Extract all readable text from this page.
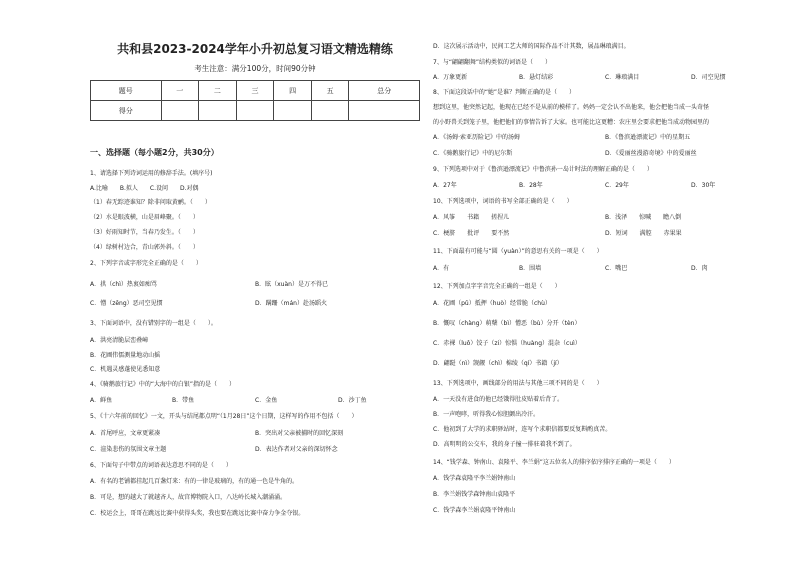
共和县2023-2024学年小升初总复习语文精选精练
考生注意：满分100分，时间90分钟
题号	一	二	三	四	五	总分
得分						
一、选择题（每小题2分，共30分）
1、请选择下列诗词运用的修辞手法。(填序号)
A.比喻　　B.拟人　　C.设问　　D.对偶
（1）春无踪迹谁知？除非问取黄鹂。（　　）
（2）水是眼波横，山是眉峰聚。（　　）
（3）好雨知时节，当春乃发生。（　　）
（4）绿树村边合，青山郭外斜。（　　）
2、下列字音或字形完全正确的是（　　）
A．拱（chì）热衷如痴骂	B．眩（xuàn）是万不得已
C．憎（zēng）恶司空见惯	D．蹒跚（mán）赴汤蹈火
3、下面词语中，没有错别字的一组是（　　）。
A．洪亮清脆层峦叠嶂
B．花圃伟儒测量地动山摇
C．机遇灵感蓬使见悉知意
4、《骑鹅旅行记》中的“大海中的白银”指的是（　　）
A．鲜鱼	B．带鱼	C．金鱼	D．沙丁鱼
5、《十六年前的回忆》一文，开头与结尾都点明“（1月28日”这个日期，这样写的作用不包括（　　）
A．首尾呼应，文章更紧凑	B．突出对父亲被捕时的回忆深刻
C．渲染悲伤的氛围文章主题	D．表达作者对父亲的深切怀念
6、下面句子中带点的词语表达意思不同的是（　　）
A．有名的老铺都挂起几百盏灯来：有的一律是玻璃的，有的通一色是牛角的。
B．可是，想的越大了就越吝人，故宫博物院入口，八达岭长城入潮涌涌。
C．校运会上，哥哥在跳远比赛中获得头奖，我也要在跳远比赛中奋力争金夺银。
D．这次展示活动中，民间工艺大师的国际作品不计其数，展品琳琅满目。
7、与“翩翩翻舞”结构类似的词语是（　　）
A．万象更新	B．悬灯结彩	C．琳琅满目	D．司空见惯
8、下面这段话中的“她”是谁？判断正确的是（　　）
想到这里，他突然记起，他现在已经不是从前的模样了。妈妈一定会认不出他来，他会把他当成一头奇怪
的小野兽关到笼子里，他把他们的事情告诉了大家。也可能比这更糟：农庄里会要求把他当成动物园里的
A．《汤姆·索亚历险记》中的汤姆	B．《鲁滨逊漂流记》中的星期五
C．《骑鹅旅行记》中的尼尔斯	D．《爱丽丝漫游奇境》中的爱丽丝
9、下列选项中对于《鲁滨逊漂流记》中鲁滨孙一岛计时法的理解正确的是（　　）
A．27年	B．28年	C．29年	D．30年
10、下列选项中，词语的书写全部正确的是（　　）
A．风筝　　书籍　　搓捏儿	B．浅泽　　惊喊　　瞻八倒
C．梗脐　　批评　　要不然	D．短词　　满腔　　赤果果
11、下面最有可能与“圆（yuàn）”的意思有关的一项是（　　）
A．有	B．围墙	C．嘴巴	D．肉
12、下列加点字字音完全正确的一组是（　　）
A．花圃（pǔ）抵押（huò）经常脆（chù）
B．慨叹（chàng）萌蘖（bì）憎恶（bù）分开（tèn）
C．赤裸（luǒ）饺子（zi）惊惧（huàng）混杂（cuì）
D．翩跹（nì）觊觎（chì）棉绫（qí）书籍（jí）
13、下列选项中，画线部分的用法与其他三项不同的是（　　）
A．一天没有进食的他已经饿得肚皮贴着后背了。
B．一声咆哮，听得我心惊胆颤出冷汗。
C．他初到了大学的求职驿站时，连写个求职信都要反复斟酌真苦。
D．高明明的公交车，我的身子撞一排驻着我不到了。
14、“钱学森、钟南山、袁隆平、李兰娟”这五位名人的排序依序排序正确的一项是（　　）
A．钱学森袁隆平李兰娟钟南山
B．李兰娟钱学森钟南山袁隆平
C．钱学森李兰娟袁隆平钟南山
